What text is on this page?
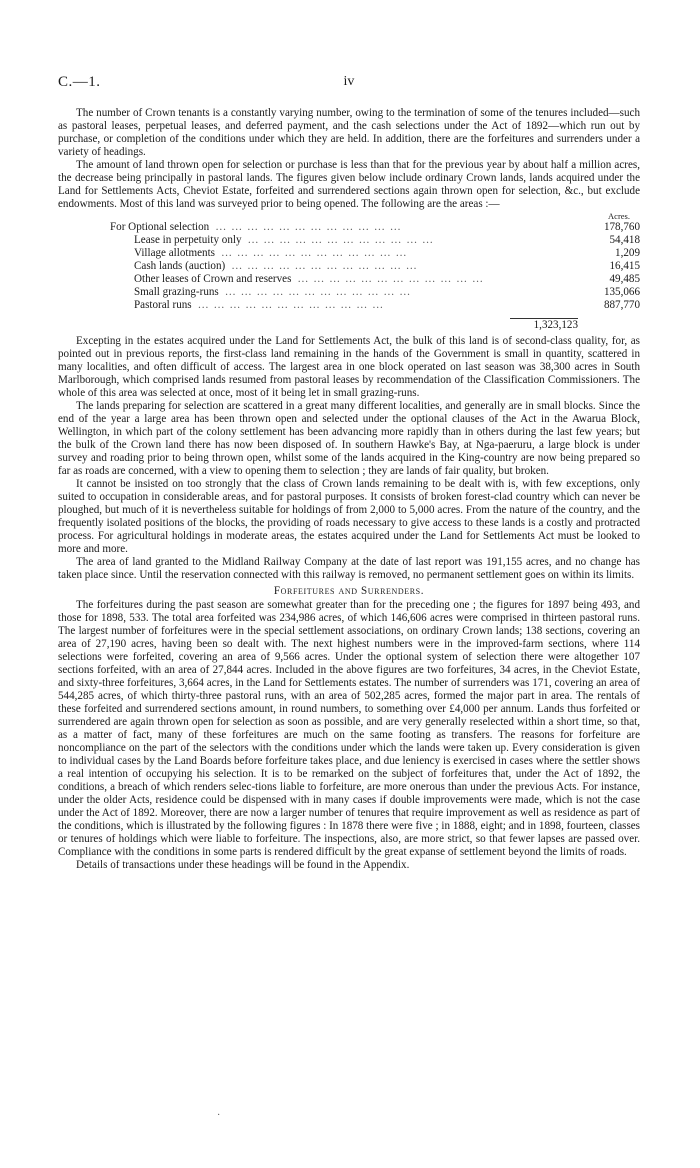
C.—1.	iv

The number of Crown tenants is a constantly varying number, owing to the termination of some of the tenures included—such as pastoral leases, perpetual leases, and deferred payment, and the cash selections under the Act of 1892—which run out by purchase, or completion of the conditions under which they are held. In addition, there are the forfeitures and surrenders under a variety of headings.

The amount of land thrown open for selection or purchase is less than that for the previous year by about half a million acres, the decrease being principally in pastoral lands. The figures given below include ordinary Crown lands, lands acquired under the Land for Settlements Acts, Cheviot Estate, forfeited and surrendered sections again thrown open for selection, &c., but exclude endowments. Most of this land was surveyed prior to being opened. The following are the areas :—

Acres.
For Optional selection … … … … … … … … … … … …	178,760
Lease in perpetuity only … … … … … … … … … … … …	54,418
Village allotments … … … … … … … … … … … …	1,209
Cash lands (auction) … … … … … … … … … … … …	16,415
Other leases of Crown and reserves … … … … … … … … … … … …	49,485
Small grazing-runs … … … … … … … … … … … …	135,066
Pastoral runs … … … … … … … … … … … …	887,770
1,323,123

Excepting in the estates acquired under the Land for Settlements Act, the bulk of this land is of second-class quality, for, as pointed out in previous reports, the first-class land remaining in the hands of the Government is small in quantity, scattered in many localities, and often difficult of access. The largest area in one block operated on last season was 38,300 acres in South Marlborough, which comprised lands resumed from pastoral leases by recommendation of the Classification Commissioners. The whole of this area was selected at once, most of it being let in small grazing-runs.

The lands preparing for selection are scattered in a great many different localities, and generally are in small blocks. Since the end of the year a large area has been thrown open and selected under the optional clauses of the Act in the Awarua Block, Wellington, in which part of the colony settlement has been advancing more rapidly than in others during the last few years; but the bulk of the Crown land there has now been disposed of. In southern Hawke's Bay, at Nga-paeruru, a large block is under survey and roading prior to being thrown open, whilst some of the lands acquired in the King-country are now being prepared so far as roads are concerned, with a view to opening them to selection ; they are lands of fair quality, but broken.

It cannot be insisted on too strongly that the class of Crown lands remaining to be dealt with is, with few exceptions, only suited to occupation in considerable areas, and for pastoral purposes. It consists of broken forest-clad country which can never be ploughed, but much of it is nevertheless suitable for holdings of from 2,000 to 5,000 acres. From the nature of the country, and the frequently isolated positions of the blocks, the providing of roads necessary to give access to these lands is a costly and protracted process. For agricultural holdings in moderate areas, the estates acquired under the Land for Settlements Act must be looked to more and more.

The area of land granted to the Midland Railway Company at the date of last report was 191,155 acres, and no change has taken place since. Until the reservation connected with this railway is removed, no permanent settlement goes on within its limits.

Forfeitures and Surrenders.

The forfeitures during the past season are somewhat greater than for the preceding one ; the figures for 1897 being 493, and those for 1898, 533. The total area forfeited was 234,986 acres, of which 146,606 acres were comprised in thirteen pastoral runs. The largest number of forfeitures were in the special settlement associations, on ordinary Crown lands; 138 sections, covering an area of 27,190 acres, having been so dealt with. The next highest numbers were in the improved-farm sections, where 114 selections were forfeited, covering an area of 9,566 acres. Under the optional system of selection there were altogether 107 sections forfeited, with an area of 27,844 acres. Included in the above figures are two forfeitures, 34 acres, in the Cheviot Estate, and sixty-three forfeitures, 3,664 acres, in the Land for Settlements estates. The number of surrenders was 171, covering an area of 544,285 acres, of which thirty-three pastoral runs, with an area of 502,285 acres, formed the major part in area. The rentals of these forfeited and surrendered sections amount, in round numbers, to something over £4,000 per annum. Lands thus forfeited or surrendered are again thrown open for selection as soon as possible, and are very generally reselected within a short time, so that, as a matter of fact, many of these forfeitures are much on the same footing as transfers. The reasons for forfeiture are noncompliance on the part of the selectors with the conditions under which the lands were taken up. Every consideration is given to individual cases by the Land Boards before forfeiture takes place, and due leniency is exercised in cases where the settler shows a real intention of occupying his selection. It is to be remarked on the subject of forfeitures that, under the Act of 1892, the conditions, a breach of which renders selec-tions liable to forfeiture, are more onerous than under the previous Acts. For instance, under the older Acts, residence could be dispensed with in many cases if double improvements were made, which is not the case under the Act of 1892. Moreover, there are now a larger number of tenures that require improvement as well as residence as part of the conditions, which is illustrated by the following figures : In 1878 there were five ; in 1888, eight; and in 1898, fourteen, classes or tenures of holdings which were liable to forfeiture. The inspections, also, are more strict, so that fewer lapses are passed over. Compliance with the conditions in some parts is rendered difficult by the great expanse of settlement beyond the limits of roads.

Details of transactions under these headings will be found in the Appendix.

·
